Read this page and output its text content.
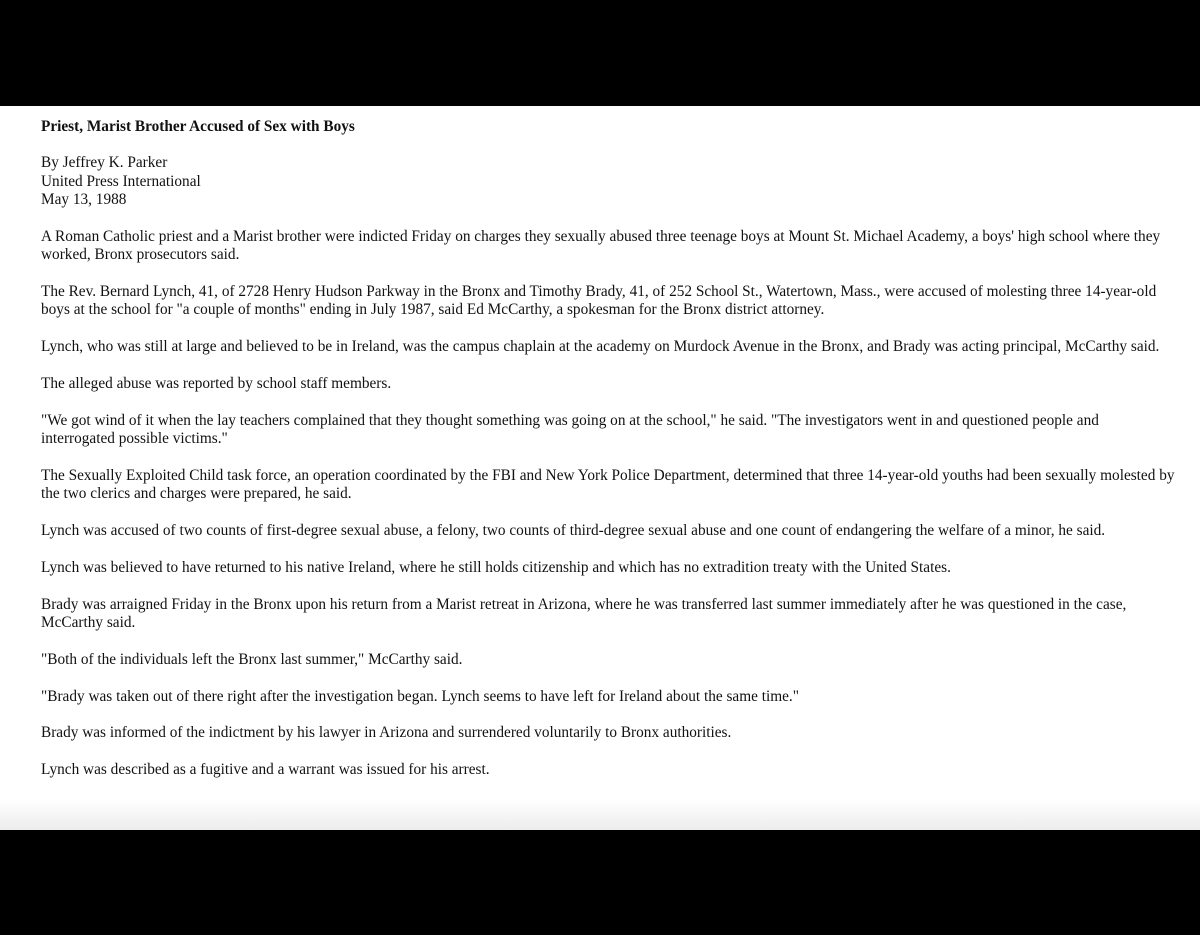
Priest, Marist Brother Accused of Sex with Boys
By Jeffrey K. Parker
United Press International
May 13, 1988

A Roman Catholic priest and a Marist brother were indicted Friday on charges they sexually abused three teenage boys at Mount St. Michael Academy, a boys' high school where they worked, Bronx prosecutors said.

The Rev. Bernard Lynch, 41, of 2728 Henry Hudson Parkway in the Bronx and Timothy Brady, 41, of 252 School St., Watertown, Mass., were accused of molesting three 14-year-old boys at the school for "a couple of months" ending in July 1987, said Ed McCarthy, a spokesman for the Bronx district attorney.

Lynch, who was still at large and believed to be in Ireland, was the campus chaplain at the academy on Murdock Avenue in the Bronx, and Brady was acting principal, McCarthy said.

The alleged abuse was reported by school staff members.

"We got wind of it when the lay teachers complained that they thought something was going on at the school," he said. "The investigators went in and questioned people and interrogated possible victims."

The Sexually Exploited Child task force, an operation coordinated by the FBI and New York Police Department, determined that three 14-year-old youths had been sexually molested by the two clerics and charges were prepared, he said.

Lynch was accused of two counts of first-degree sexual abuse, a felony, two counts of third-degree sexual abuse and one count of endangering the welfare of a minor, he said.

Lynch was believed to have returned to his native Ireland, where he still holds citizenship and which has no extradition treaty with the United States.

Brady was arraigned Friday in the Bronx upon his return from a Marist retreat in Arizona, where he was transferred last summer immediately after he was questioned in the case, McCarthy said.

"Both of the individuals left the Bronx last summer," McCarthy said.

"Brady was taken out of there right after the investigation began. Lynch seems to have left for Ireland about the same time."

Brady was informed of the indictment by his lawyer in Arizona and surrendered voluntarily to Bronx authorities.

Lynch was described as a fugitive and a warrant was issued for his arrest.
